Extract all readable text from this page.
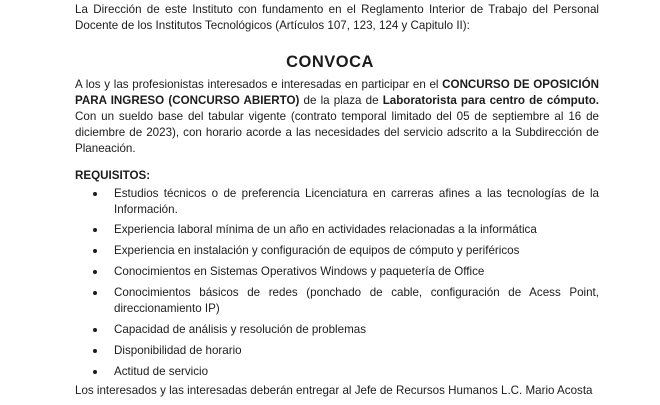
La Dirección de este Instituto con fundamento en el Reglamento Interior de Trabajo del Personal Docente de los Institutos Tecnológicos (Artículos 107, 123, 124 y Capitulo II):

CONVOCA

A los y las profesionistas interesados e interesadas en participar en el CONCURSO DE OPOSICIÓN PARA INGRESO (CONCURSO ABIERTO) de la plaza de Laboratorista para centro de cómputo. Con un sueldo base del tabular vigente (contrato temporal limitado del 05 de septiembre al 16 de diciembre de 2023), con horario acorde a las necesidades del servicio adscrito a la Subdirección de Planeación.

REQUISITOS:
Estudios técnicos o de preferencia Licenciatura en carreras afines a las tecnologías de la Información.
Experiencia laboral mínima de un año en actividades relacionadas a la informática
Experiencia en instalación y configuración de equipos de cómputo y periféricos
Conocimientos en Sistemas Operativos Windows y paquetería de Office
Conocimientos básicos de redes (ponchado de cable, configuración de Acess Point, direccionamiento IP)
Capacidad de análisis y resolución de problemas
Disponibilidad de horario
Actitud de servicio

Los interesados y las interesadas deberán entregar al Jefe de Recursos Humanos L.C. Mario Acosta
